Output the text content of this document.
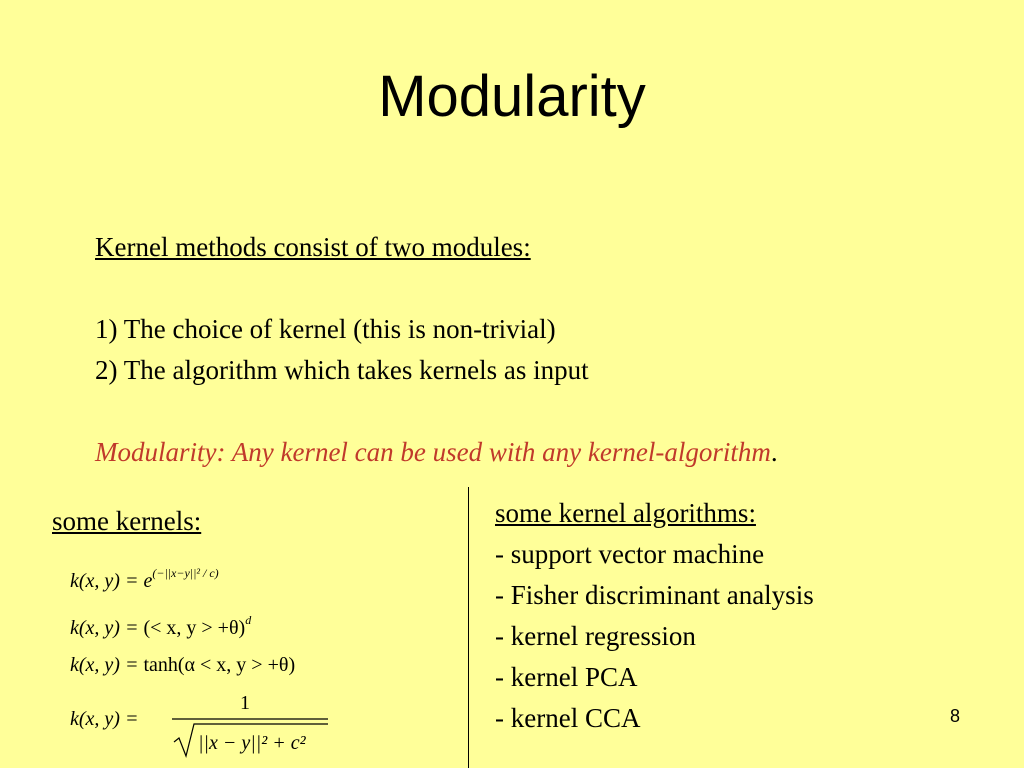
Modularity
Kernel methods consist of two modules:
1) The choice of kernel (this is non-trivial)
2) The algorithm which takes kernels as input
Modularity: Any kernel can be used with any kernel-algorithm.
some kernels:
k(x, $y) = e^{(-||x-y||^2 / c)}$
k(x, y) = (< x, y > +θ)$^d$
k(x, y) = tanh(α < x, y > +θ)
k(x, y) =
1
||x − y||² + c²
some kernel algorithms:
- support vector machine
- Fisher discriminant analysis
- kernel regression
- kernel PCA
- kernel CCA	8
